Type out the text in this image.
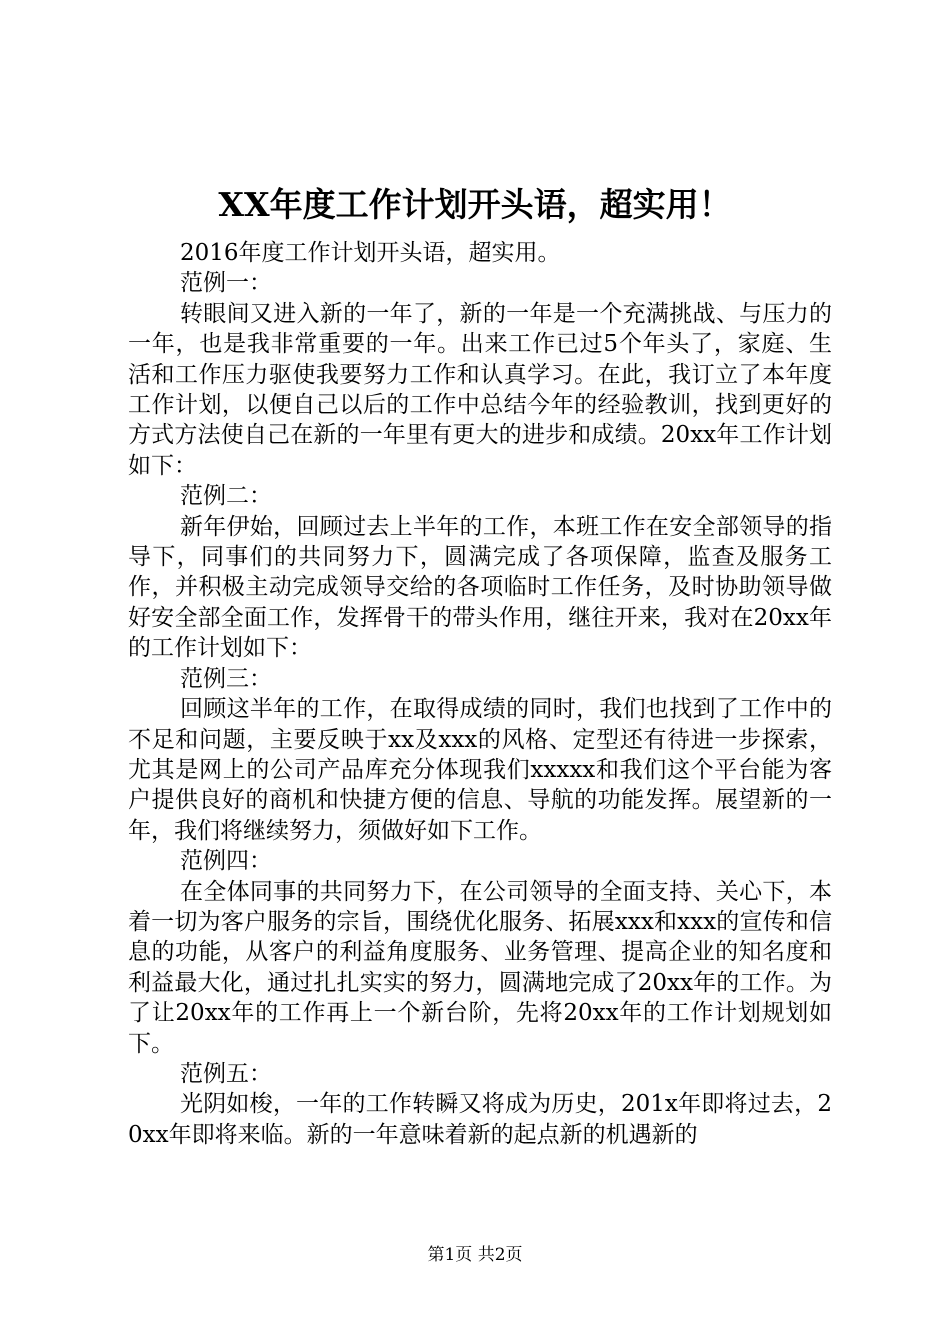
XX年度工作计划开头语，超实用！

2016年度工作计划开头语，超实用。

范例一：

转眼间又进入新的一年了，新的一年是一个充满挑战、与压力的一年，也是我非常重要的一年。出来工作已过5个年头了，家庭、生活和工作压力驱使我要努力工作和认真学习。在此，我订立了本年度工作计划，以便自己以后的工作中总结今年的经验教训，找到更好的方式方法使自己在新的一年里有更大的进步和成绩。20xx年工作计划如下：

范例二：

新年伊始，回顾过去上半年的工作，本班工作在安全部领导的指导下，同事们的共同努力下，圆满完成了各项保障，监查及服务工作，并积极主动完成领导交给的各项临时工作任务，及时协助领导做好安全部全面工作，发挥骨干的带头作用，继往开来，我对在20xx年的工作计划如下：

范例三：

回顾这半年的工作，在取得成绩的同时，我们也找到了工作中的不足和问题，主要反映于xx及xxx的风格、定型还有待进一步探索，尤其是网上的公司产品库充分体现我们xxxxx和我们这个平台能为客户提供良好的商机和快捷方便的信息、导航的功能发挥。展望新的一年，我们将继续努力，须做好如下工作。

范例四：

在全体同事的共同努力下，在公司领导的全面支持、关心下，本着一切为客户服务的宗旨，围绕优化服务、拓展xxx和xxx的宣传和信息的功能，从客户的利益角度服务、业务管理、提高企业的知名度和利益最大化，通过扎扎实实的努力，圆满地完成了20xx年的工作。为了让20xx年的工作再上一个新台阶，先将20xx年的工作计划规划如下。

范例五：

光阴如梭，一年的工作转瞬又将成为历史，201x年即将过去，20xx年即将来临。新的一年意味着新的起点新的机遇新的

第1页 共2页
